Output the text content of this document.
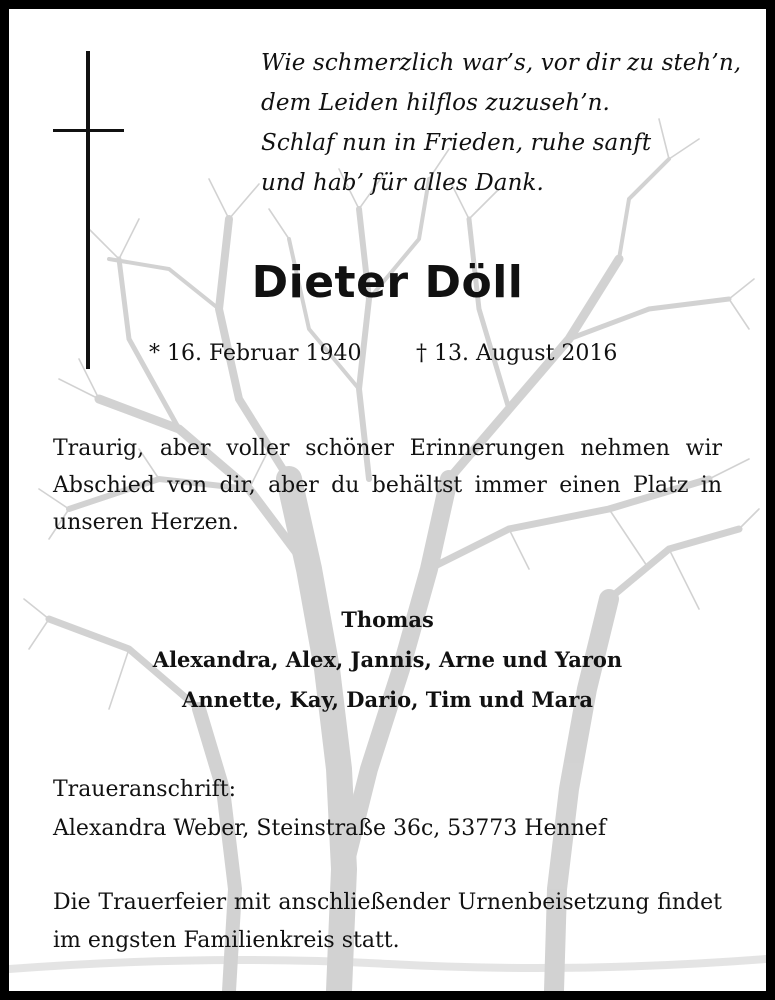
Wie schmerzlich war’s, vor dir zu steh’n,
dem Leiden hilflos zuzuseh’n.
Schlaf nun in Frieden, ruhe sanft
und hab’ für alles Dank.
Dieter Döll
* 16. Februar 1940 † 13. August 2016
Traurig, aber voller schöner Erinnerungen nehmen wir
Abschied von dir, aber du behältst immer einen Platz in
unseren Herzen.
Thomas
Alexandra, Alex, Jannis, Arne und Yaron
Annette, Kay, Dario, Tim und Mara
Traueranschrift:
Alexandra Weber, Steinstraße 36c, 53773 Hennef
Die Trauerfeier mit anschließender Urnenbeisetzung findet
im engsten Familienkreis statt.
